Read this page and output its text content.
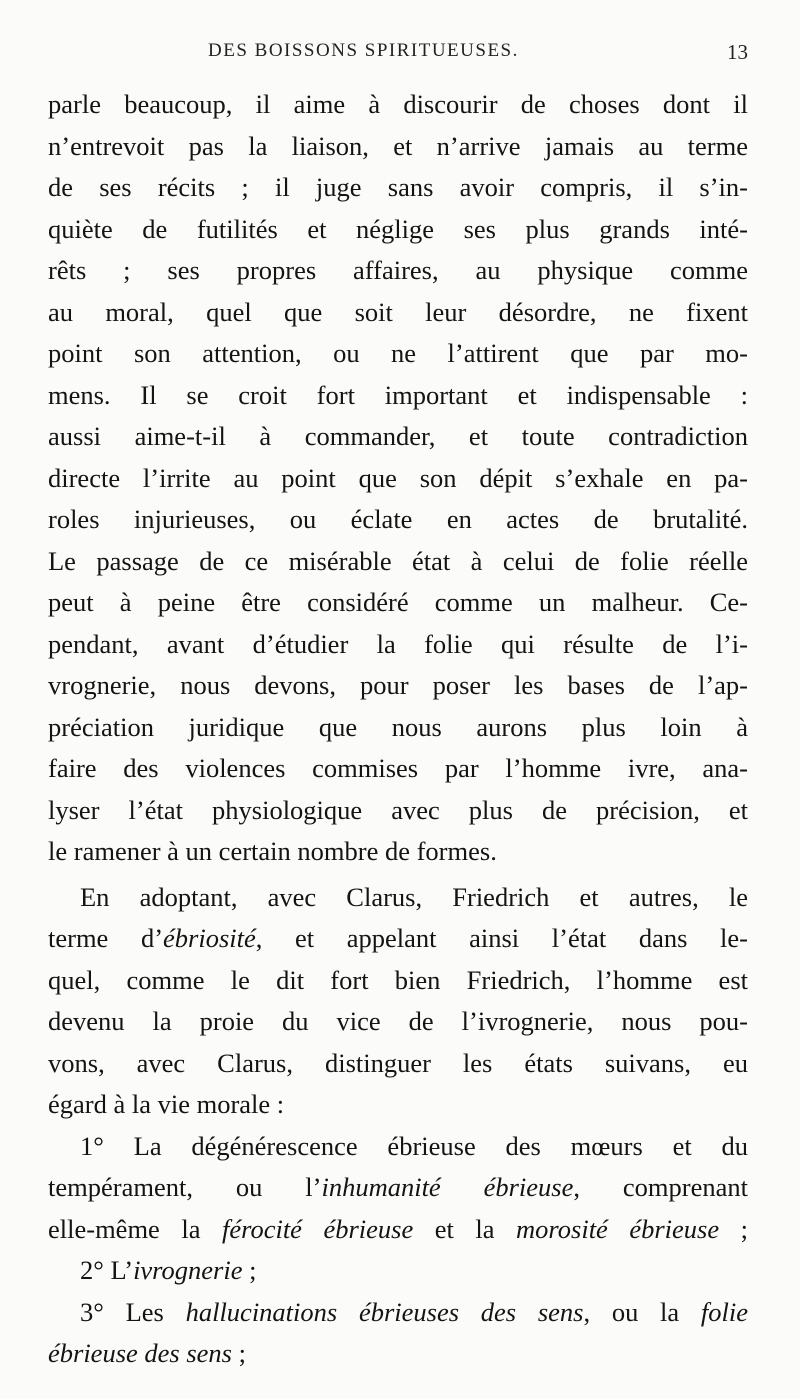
DES BOISSONS SPIRITUEUSES.	13
parle beaucoup, il aime à discourir de choses dont il
n’entrevoit pas la liaison, et n’arrive jamais au terme
de ses récits ; il juge sans avoir compris, il s’in-
quiète de futilités et néglige ses plus grands inté-
rêts ; ses propres affaires, au physique comme
au moral, quel que soit leur désordre, ne fixent
point son attention, ou ne l’attirent que par mo-
mens. Il se croit fort important et indispensable :
aussi aime-t-il à commander, et toute contradiction
directe l’irrite au point que son dépit s’exhale en pa-
roles injurieuses, ou éclate en actes de brutalité.
Le passage de ce misérable état à celui de folie réelle
peut à peine être considéré comme un malheur. Ce-
pendant, avant d’étudier la folie qui résulte de l’i-
vrognerie, nous devons, pour poser les bases de l’ap-
préciation juridique que nous aurons plus loin à
faire des violences commises par l’homme ivre, ana-
lyser l’état physiologique avec plus de précision, et
le ramener à un certain nombre de formes.
En adoptant, avec Clarus, Friedrich et autres, le
terme d’ébriosité, et appelant ainsi l’état dans le-
quel, comme le dit fort bien Friedrich, l’homme est
devenu la proie du vice de l’ivrognerie, nous pou-
vons, avec Clarus, distinguer les états suivans, eu
égard à la vie morale :
1° La dégénérescence ébrieuse des mœurs et du
tempérament, ou l’inhumanité ébrieuse, comprenant
elle-même la férocité ébrieuse et la morosité ébrieuse ;
2° L’ivrognerie ;
3° Les hallucinations ébrieuses des sens, ou la folie
ébrieuse des sens ;
